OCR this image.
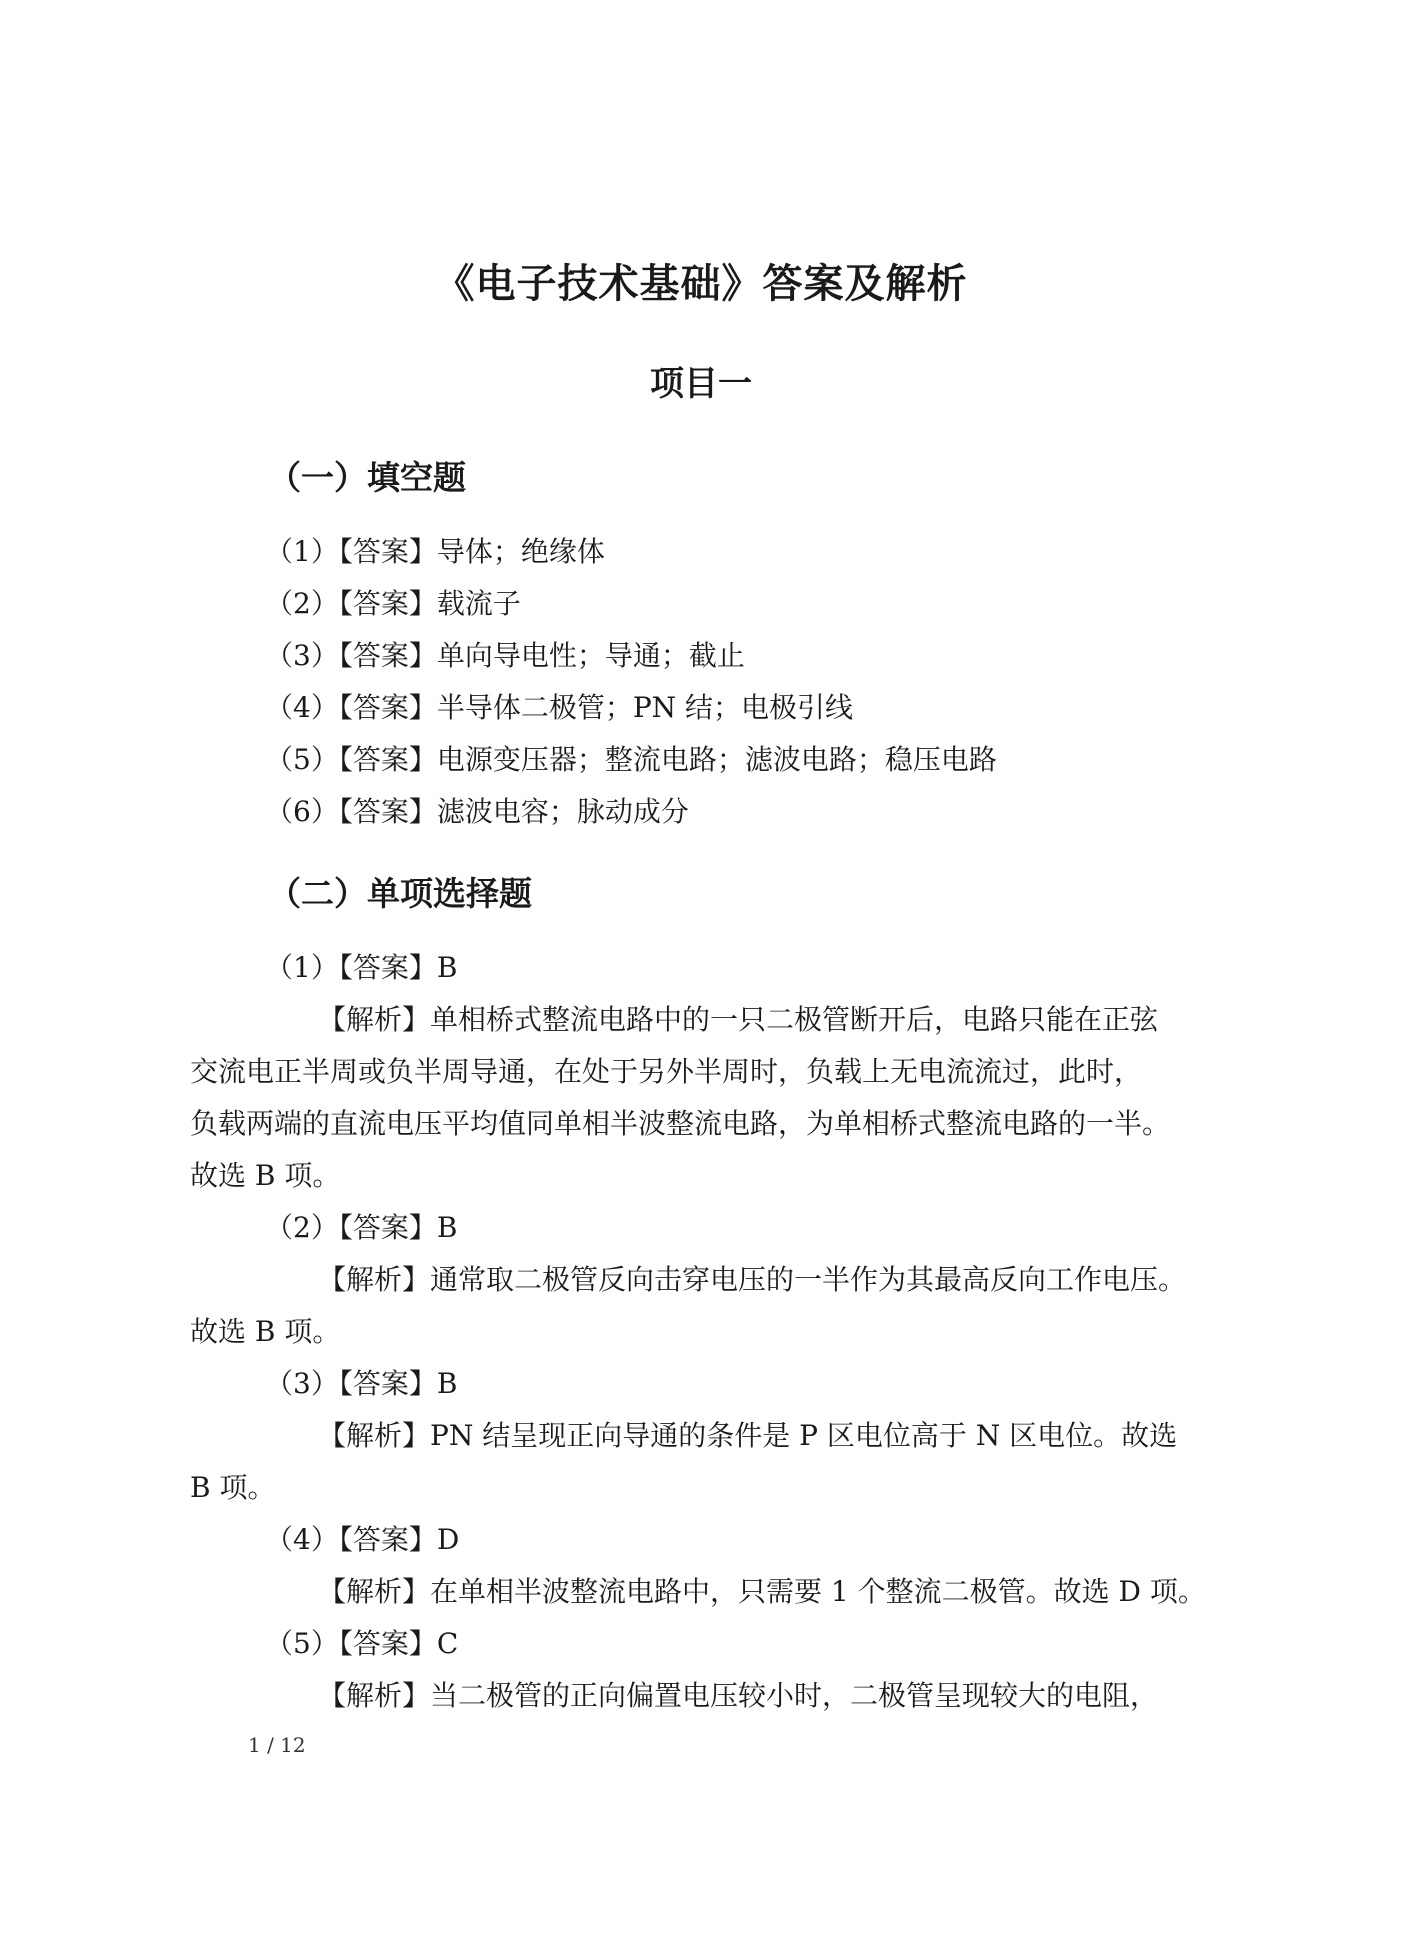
《电子技术基础》答案及解析
项目一
（一）填空题
（1）【答案】导体；绝缘体
（2）【答案】载流子
（3）【答案】单向导电性；导通；截止
（4）【答案】半导体二极管；PN 结；电极引线
（5）【答案】电源变压器；整流电路；滤波电路；稳压电路
（6）【答案】滤波电容；脉动成分
（二）单项选择题
（1）【答案】B
【解析】单相桥式整流电路中的一只二极管断开后，电路只能在正弦
交流电正半周或负半周导通，在处于另外半周时，负载上无电流流过，此时，
负载两端的直流电压平均值同单相半波整流电路，为单相桥式整流电路的一半。
故选 B 项。
（2）【答案】B
【解析】通常取二极管反向击穿电压的一半作为其最高反向工作电压。
故选 B 项。
（3）【答案】B
【解析】PN 结呈现正向导通的条件是 P 区电位高于 N 区电位。故选
B 项。
（4）【答案】D
【解析】在单相半波整流电路中，只需要 1 个整流二极管。故选 D 项。
（5）【答案】C
【解析】当二极管的正向偏置电压较小时，二极管呈现较大的电阻，
1 / 12
